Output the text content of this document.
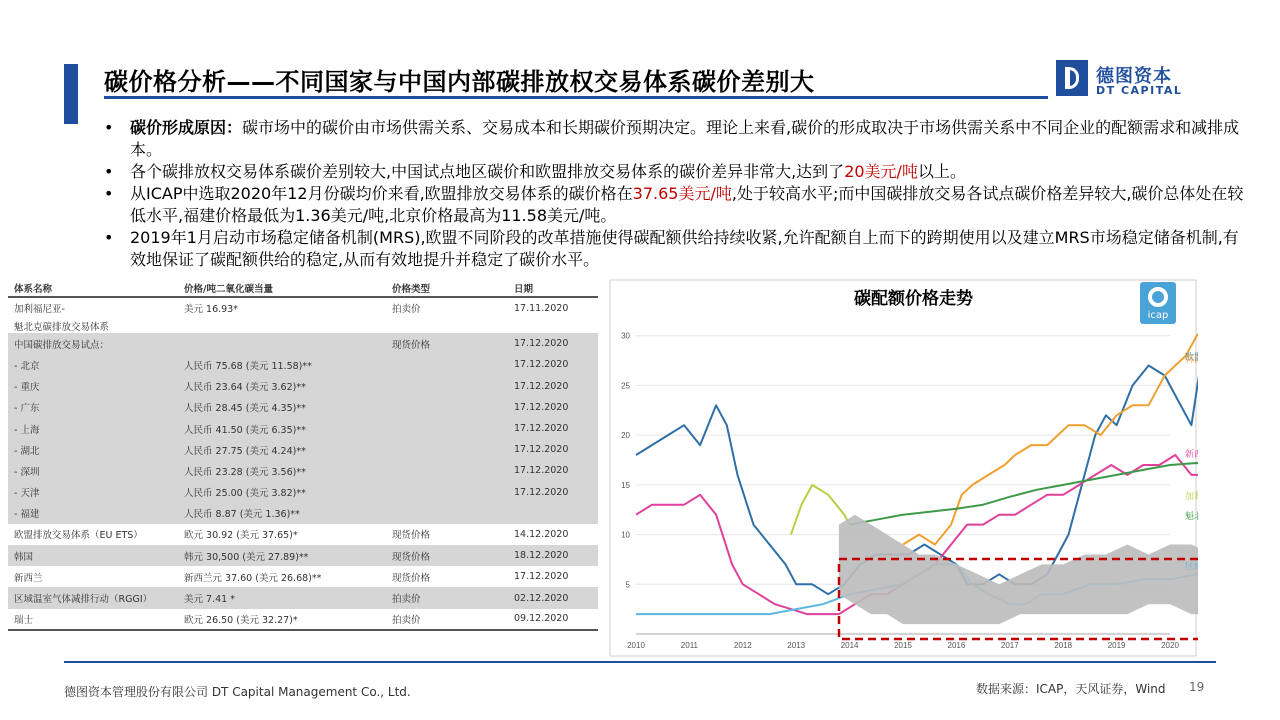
碳价格分析——不同国家与中国内部碳排放权交易体系碳价差别大	德图资本
DT CAPITAL
• 碳价形成原因：碳市场中的碳价由市场供需关系、交易成本和长期碳价预期决定。理论上来看,碳价的形成取决于市场供需关系中不同企业的配额需求和减排成本。
• 各个碳排放权交易体系碳价差别较大,中国试点地区碳价和欧盟排放交易体系的碳价差异非常大,达到了20美元/吨以上。
• 从ICAP中选取2020年12月份碳均价来看,欧盟排放交易体系的碳价格在37.65美元/吨,处于较高水平;而中国碳排放交易各试点碳价格差异较大,碳价总体处在较低水平,福建价格最低为1.36美元/吨,北京价格最高为11.58美元/吨。
• 2019年1月启动市场稳定储备机制(MRS),欧盟不同阶段的改革措施使得碳配额供给持续收紧,允许配额自上而下的跨期使用以及建立MRS市场稳定储备机制,有效地保证了碳配额供给的稳定,从而有效地提升并稳定了碳价水平。
体系名称	价格/吨二氧化碳当量	价格类型	日期
加利福尼亚-	美元 16.93*	拍卖价	17.11.2020
魁北克碳排放交易体系			
中国碳排放交易试点：		现货价格	17.12.2020
- 北京	人民币 75.68 (美元 11.58)**		17.12.2020
- 重庆	人民币 23.64 (美元 3.62)**		17.12.2020
- 广东	人民币 28.45 (美元 4.35)**		17.12.2020
- 上海	人民币 41.50 (美元 6.35)**		17.12.2020
- 湖北	人民币 27.75 (美元 4.24)**		17.12.2020
- 深圳	人民币 23.28 (美元 3.56)**		17.12.2020
- 天津	人民币 25.00 (美元 3.82)**		17.12.2020
- 福建	人民币 8.87 (美元 1.36)**		
欧盟排放交易体系（EU ETS）	欧元 30.92 (美元 37.65)*	现货价格	14.12.2020
韩国	韩元 30,500 (美元 27.89)**	现货价格	18.12.2020
新西兰	新西兰元 37.60 (美元 26.68)**	现货价格	17.12.2020
区域温室气体减排行动（RGGI）	美元 7.41 *	拍卖价	02.12.2020
瑞士	欧元 26.50 (美元 32.27)*	拍卖价	09.12.2020
5
10
15
20
25
30
2010	2011	2012	2013	2014	2015	2016	2017	2018	2019	2020
欧
韩
新
加
魁
区
中
碳配额价格走势
icap
德图资本管理股份有限公司 DT Capital Management Co., Ltd.	数据来源：ICAP，天风证券，Wind 19
